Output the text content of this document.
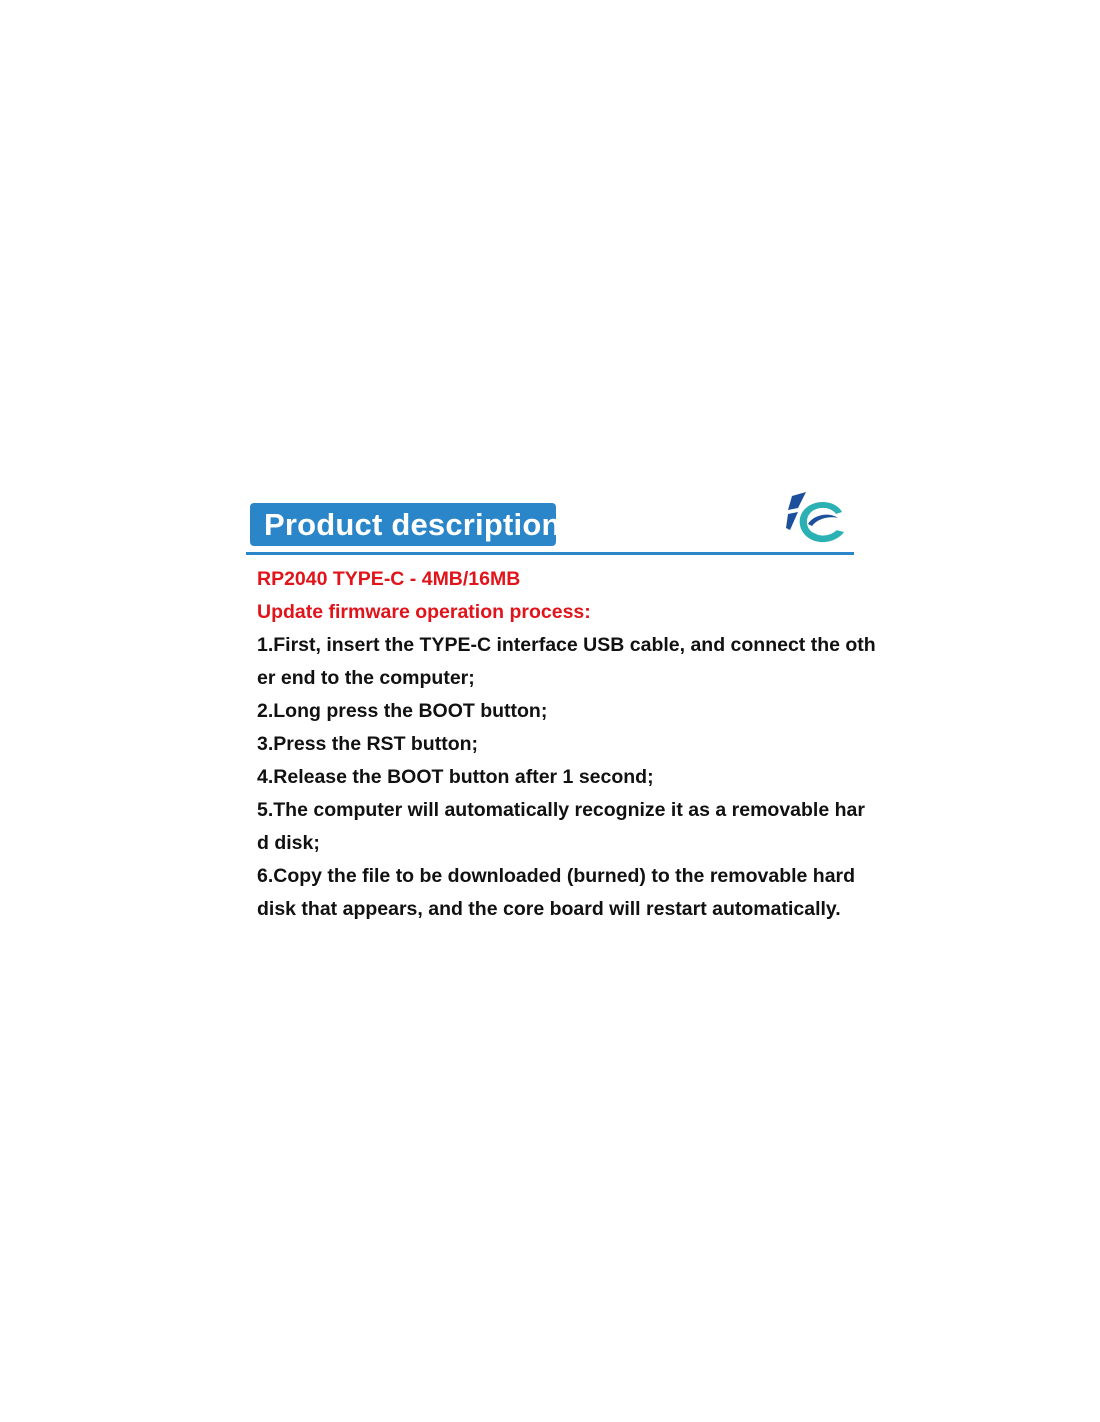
Product description
RP2040 TYPE-C - 4MB/16MB
Update firmware operation process:
1.First, insert the TYPE-C interface USB cable, and connect the oth
er end to the computer;
2.Long press the BOOT button;
3.Press the RST button;
4.Release the BOOT button after 1 second;
5.The computer will automatically recognize it as a removable har
d disk;
6.Copy the file to be downloaded (burned) to the removable hard
disk that appears, and the core board will restart automatically.
